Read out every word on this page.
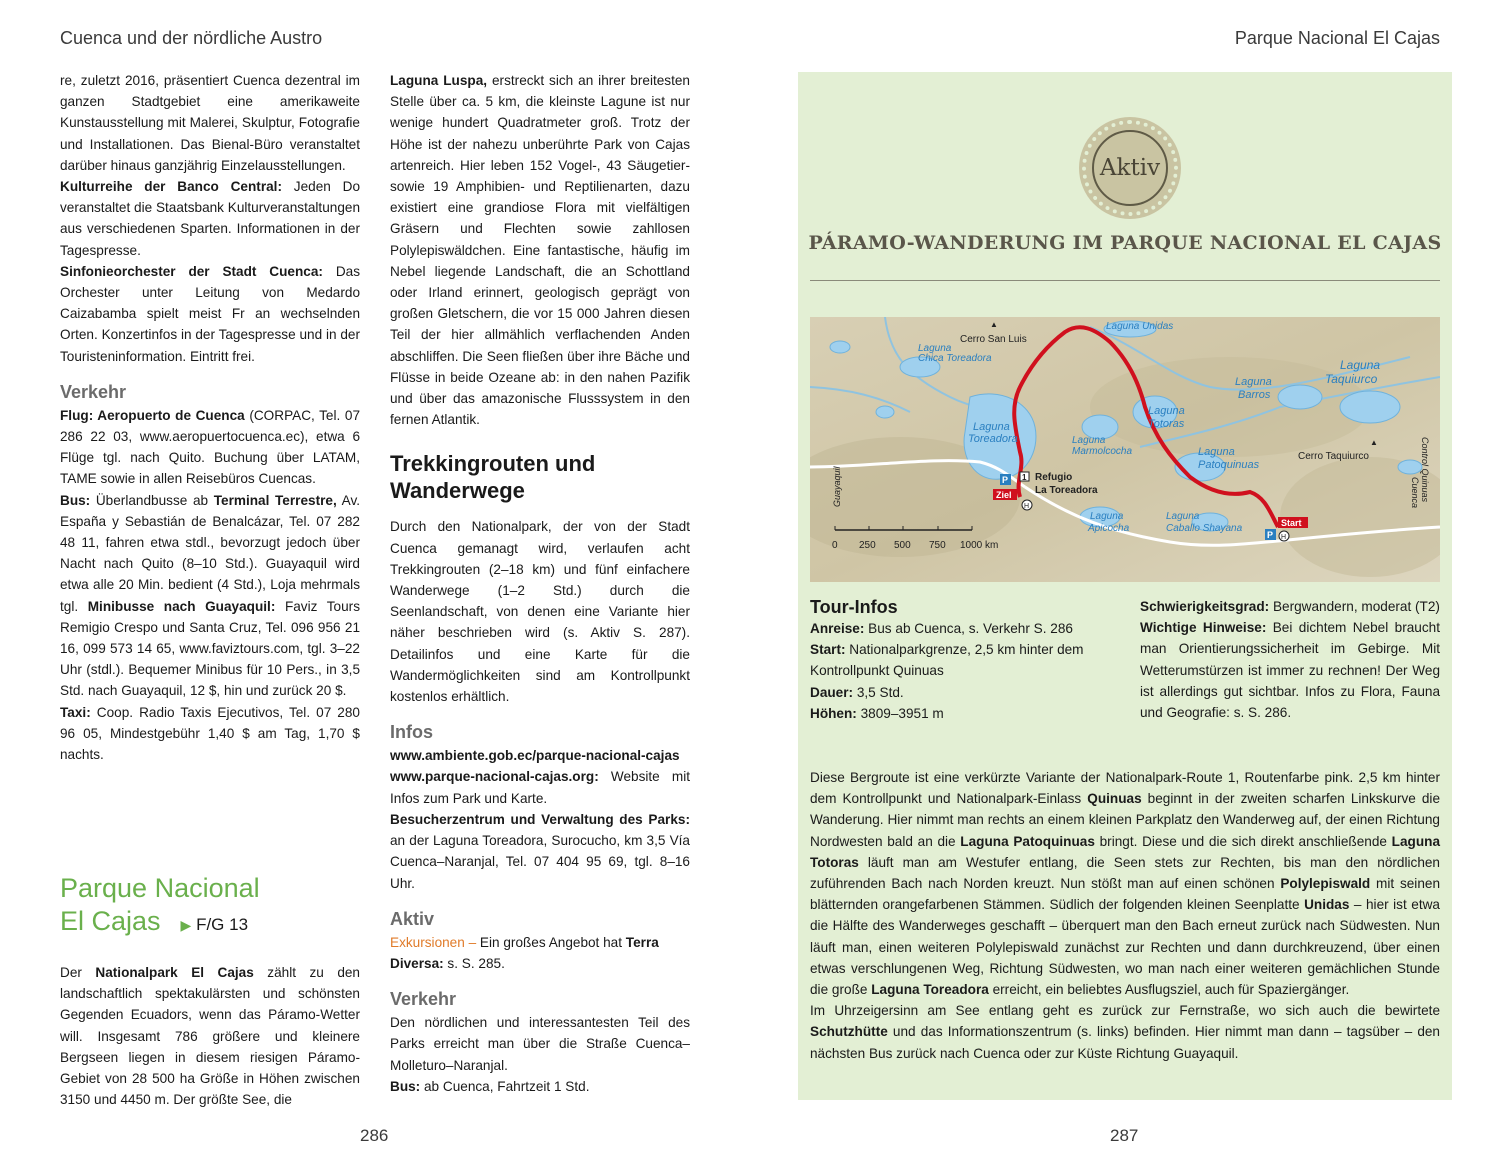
Cuenca und der nördliche Austro	Parque Nacional El Cajas

re, zuletzt 2016, präsentiert Cuenca dezentral im ganzen Stadtgebiet eine amerikaweite Kunstausstellung mit Malerei, Skulptur, Fotografie und Installationen. Das Bienal-Büro veranstaltet darüber hinaus ganzjährig Einzelausstellungen.

Kulturreihe der Banco Central: Jeden Do veranstaltet die Staatsbank Kulturveranstaltungen aus verschiedenen Sparten. Informationen in der Tagespresse.

Sinfonieorchester der Stadt Cuenca: Das Orchester unter Leitung von Medardo Caizabamba spielt meist Fr an wechselnden Orten. Konzertinfos in der Tagespresse und in der Touristeninformation. Eintritt frei.

Verkehr

Flug: Aeropuerto de Cuenca (CORPAC, Tel. 07 286 22 03, www.aeropuertocuenca.ec), etwa 6 Flüge tgl. nach Quito. Buchung über LATAM, TAME sowie in allen Reisebüros Cuencas.

Bus: Überlandbusse ab Terminal Terrestre, Av. España y Sebastián de Benalcázar, Tel. 07 282 48 11, fahren etwa stdl., bevorzugt jedoch über Nacht nach Quito (8–10 Std.). Guayaquil wird etwa alle 20 Min. bedient (4 Std.), Loja mehrmals tgl. Minibusse nach Guayaquil: Faviz Tours Remigio Crespo und Santa Cruz, Tel. 096 956 21 16, 099 573 14 65, www.faviztours.com, tgl. 3–22 Uhr (stdl.). Bequemer Minibus für 10 Pers., in 3,5 Std. nach Guayaquil, 12 $, hin und zurück 20 $.

Taxi: Coop. Radio Taxis Ejecutivos, Tel. 07 280 96 05, Mindestgebühr 1,40 $ am Tag, 1,70 $ nachts.

Parque Nacional
El Cajas ▶ F/G 13

Der Nationalpark El Cajas zählt zu den landschaftlich spektakulärsten und schönsten Gegenden Ecuadors, wenn das Páramo-Wetter will. Insgesamt 786 größere und kleinere Bergseen liegen in diesem riesigen Páramo-Gebiet von 28 500 ha Größe in Höhen zwischen 3150 und 4450 m. Der größte See, die

Laguna Luspa, erstreckt sich an ihrer breitesten Stelle über ca. 5 km, die kleinste Lagune ist nur wenige hundert Quadratmeter groß. Trotz der Höhe ist der nahezu unberührte Park von Cajas artenreich. Hier leben 152 Vogel-, 43 Säugetier- sowie 19 Amphibien- und Reptilienarten, dazu existiert eine grandiose Flora mit vielfältigen Gräsern und Flechten sowie zahllosen Polylepiswäldchen. Eine fantastische, häufig im Nebel liegende Landschaft, die an Schottland oder Irland erinnert, geologisch geprägt von großen Gletschern, die vor 15 000 Jahren diesen Teil der hier allmählich verflachenden Anden abschliffen. Die Seen fließen über ihre Bäche und Flüsse in beide Ozeane ab: in den nahen Pazifik und über das amazonische Flusssystem in den fernen Atlantik.

Trekkingrouten und Wanderwege

Durch den Nationalpark, der von der Stadt Cuenca gemanagt wird, verlaufen acht Trekkingrouten (2–18 km) und fünf einfachere Wanderwege (1–2 Std.) durch die Seenlandschaft, von denen eine Variante hier näher beschrieben wird (s. Aktiv S. 287). Detailinfos und eine Karte für die Wandermöglichkeiten sind am Kontrollpunkt kostenlos erhältlich.

Infos

www.ambiente.gob.ec/parque-nacional-cajas

www.parque-nacional-cajas.org: Website mit Infos zum Park und Karte.

Besucherzentrum und Verwaltung des Parks: an der Laguna Toreadora, Surocucho, km 3,5 Vía Cuenca–Naranjal, Tel. 07 404 95 69, tgl. 8–16 Uhr.

Aktiv

Exkursionen – Ein großes Angebot hat Terra Diversa: s. S. 285.

Verkehr

Den nördlichen und interessantesten Teil des Parks erreicht man über die Straße Cuenca–Molleturo–Naranjal.

Bus: ab Cuenca, Fahrtzeit 1 Std.

Aktiv
PÁRAMO-WANDERUNG IM PARQUE NACIONAL EL CAJAS
▲
▲
Cerro San Luis
Laguna Unidas
Laguna
Chica Toreadora	Laguna
Taquiurco
Laguna
Barros
Laguna
Totoras
Laguna
Toreadora	Laguna
Marmolcocha	Laguna
Patoquinuas
Cerro Taquiurco
Laguna
Apicocha
Laguna
Caballo Shayana
Control Quinuas
Cuenca
Guayaquil	1 Refugio
La Toreadora
P
H
Ziel
Start
P H
0 250 500 750 1000 km
Tour-Infos

Anreise: Bus ab Cuenca, s. Verkehr S. 286

Start: Nationalparkgrenze, 2,5 km hinter dem Kontrollpunkt Quinuas

Dauer: 3,5 Std.

Höhen: 3809–3951 m

Schwierigkeitsgrad: Bergwandern, moderat (T2)

Wichtige Hinweise: Bei dichtem Nebel braucht man Orientierungssicherheit im Gebirge. Mit Wetterumstürzen ist immer zu rechnen! Der Weg ist allerdings gut sichtbar. Infos zu Flora, Fauna und Geografie: s. S. 286.

Diese Bergroute ist eine verkürzte Variante der Nationalpark-Route 1, Routenfarbe pink. 2,5 km hinter dem Kontrollpunkt und Nationalpark-Einlass Quinuas beginnt in der zweiten scharfen Linkskurve die Wanderung. Hier nimmt man rechts an einem kleinen Parkplatz den Wanderweg auf, der einen Richtung Nordwesten bald an die Laguna Patoquinuas bringt. Diese und die sich direkt anschließende Laguna Totoras läuft man am Westufer entlang, die Seen stets zur Rechten, bis man den nördlichen zuführenden Bach nach Norden kreuzt. Nun stößt man auf einen schönen Polylepiswald mit seinen blätternden orangefarbenen Stämmen. Südlich der folgenden kleinen Seenplatte Unidas – hier ist etwa die Hälfte des Wanderweges geschafft – überquert man den Bach erneut zurück nach Südwesten. Nun läuft man, einen weiteren Polylepiswald zunächst zur Rechten und dann durchkreuzend, über einen etwas verschlungenen Weg, Richtung Südwesten, wo man nach einer weiteren gemächlichen Stunde die große Laguna Toreadora erreicht, ein beliebtes Ausflugsziel, auch für Spaziergänger.

Im Uhrzeigersinn am See entlang geht es zurück zur Fernstraße, wo sich auch die bewirtete Schutzhütte und das Informationszentrum (s. links) befinden. Hier nimmt man dann – tagsüber – den nächsten Bus zurück nach Cuenca oder zur Küste Richtung Guayaquil.

286	287
